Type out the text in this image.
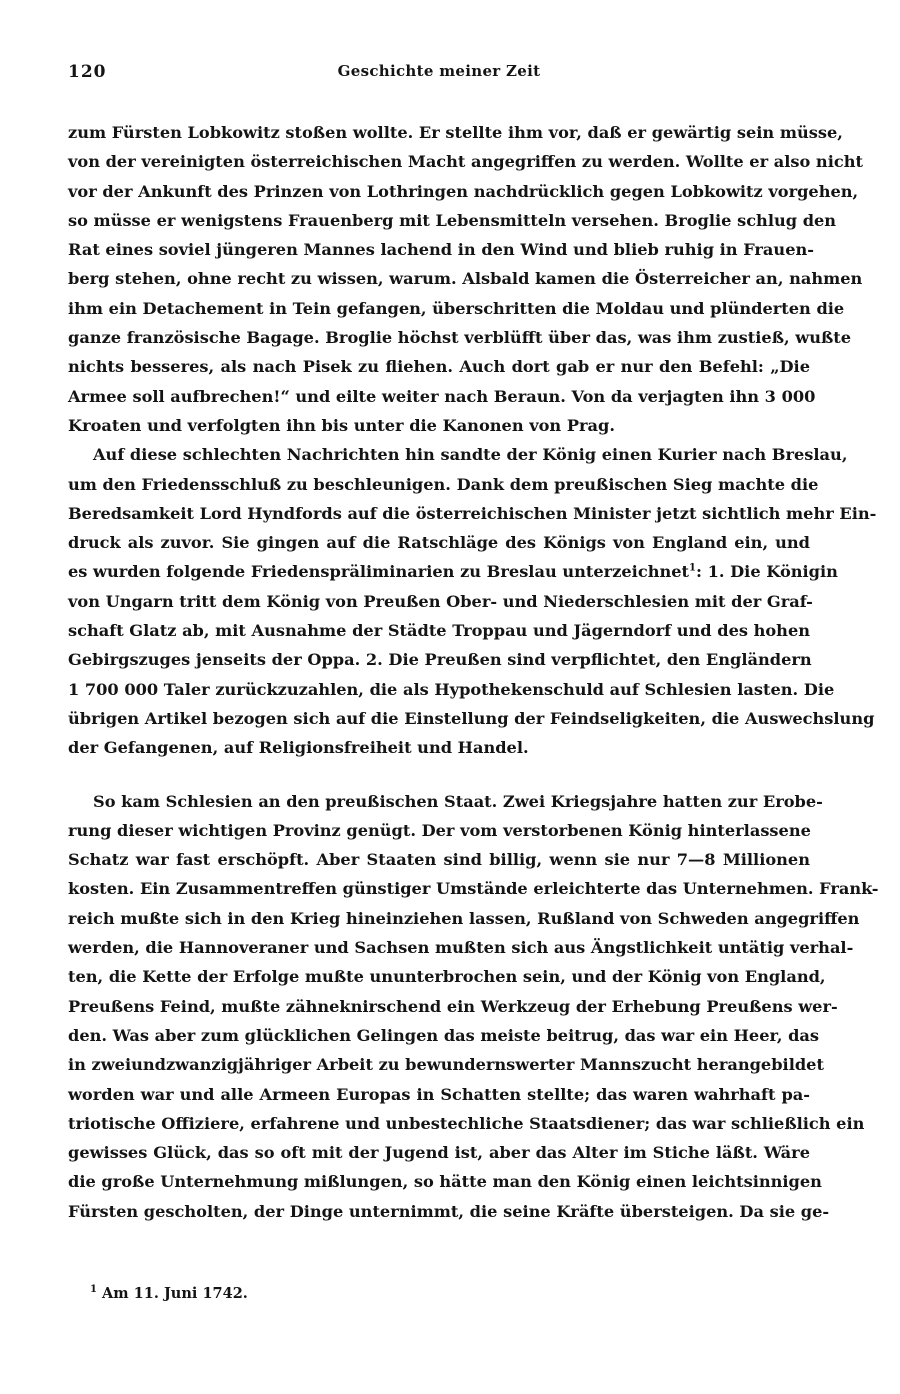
120	Geschichte meiner Zeit
zum Fürsten Lobkowitz stoßen wollte. Er stellte ihm vor, daß er gewärtig sein müsse,
von der vereinigten österreichischen Macht angegriffen zu werden. Wollte er also nicht
vor der Ankunft des Prinzen von Lothringen nachdrücklich gegen Lobkowitz vorgehen,
so müsse er wenigstens Frauenberg mit Lebensmitteln versehen. Broglie schlug den
Rat eines soviel jüngeren Mannes lachend in den Wind und blieb ruhig in Frauen-
berg stehen, ohne recht zu wissen, warum. Alsbald kamen die Österreicher an, nahmen
ihm ein Detachement in Tein gefangen, überschritten die Moldau und plünderten die
ganze französische Bagage. Broglie höchst verblüfft über das, was ihm zustieß, wußte
nichts besseres, als nach Pisek zu fliehen. Auch dort gab er nur den Befehl: „Die
Armee soll aufbrechen!“ und eilte weiter nach Beraun. Von da verjagten ihn 3 000
Kroaten und verfolgten ihn bis unter die Kanonen von Prag.
Auf diese schlechten Nachrichten hin sandte der König einen Kurier nach Breslau,
um den Friedensschluß zu beschleunigen. Dank dem preußischen Sieg machte die
Beredsamkeit Lord Hyndfords auf die österreichischen Minister jetzt sichtlich mehr Ein-
druck als zuvor. Sie gingen auf die Ratschläge des Königs von England ein, und
es wurden folgende Friedenspräliminarien zu Breslau unterzeichnet$^1$: 1. Die Königin
von Ungarn tritt dem König von Preußen Ober- und Niederschlesien mit der Graf-
schaft Glatz ab, mit Ausnahme der Städte Troppau und Jägerndorf und des hohen
Gebirgszuges jenseits der Oppa. 2. Die Preußen sind verpflichtet, den Engländern
1 700 000 Taler zurückzuzahlen, die als Hypothekenschuld auf Schlesien lasten. Die
übrigen Artikel bezogen sich auf die Einstellung der Feindseligkeiten, die Auswechslung
der Gefangenen, auf Religionsfreiheit und Handel.
So kam Schlesien an den preußischen Staat. Zwei Kriegsjahre hatten zur Erobe-
rung dieser wichtigen Provinz genügt. Der vom verstorbenen König hinterlassene
Schatz war fast erschöpft. Aber Staaten sind billig, wenn sie nur 7—8 Millionen
kosten. Ein Zusammentreffen günstiger Umstände erleichterte das Unternehmen. Frank-
reich mußte sich in den Krieg hineinziehen lassen, Rußland von Schweden angegriffen
werden, die Hannoveraner und Sachsen mußten sich aus Ängstlichkeit untätig verhal-
ten, die Kette der Erfolge mußte ununterbrochen sein, und der König von England,
Preußens Feind, mußte zähneknirschend ein Werkzeug der Erhebung Preußens wer-
den. Was aber zum glücklichen Gelingen das meiste beitrug, das war ein Heer, das
in zweiundzwanzigjähriger Arbeit zu bewundernswerter Mannszucht herangebildet
worden war und alle Armeen Europas in Schatten stellte; das waren wahrhaft pa-
triotische Offiziere, erfahrene und unbestechliche Staatsdiener; das war schließlich ein
gewisses Glück, das so oft mit der Jugend ist, aber das Alter im Stiche läßt. Wäre
die große Unternehmung mißlungen, so hätte man den König einen leichtsinnigen
Fürsten gescholten, der Dinge unternimmt, die seine Kräfte übersteigen. Da sie ge-
$^1$ Am 11. Juni 1742.
